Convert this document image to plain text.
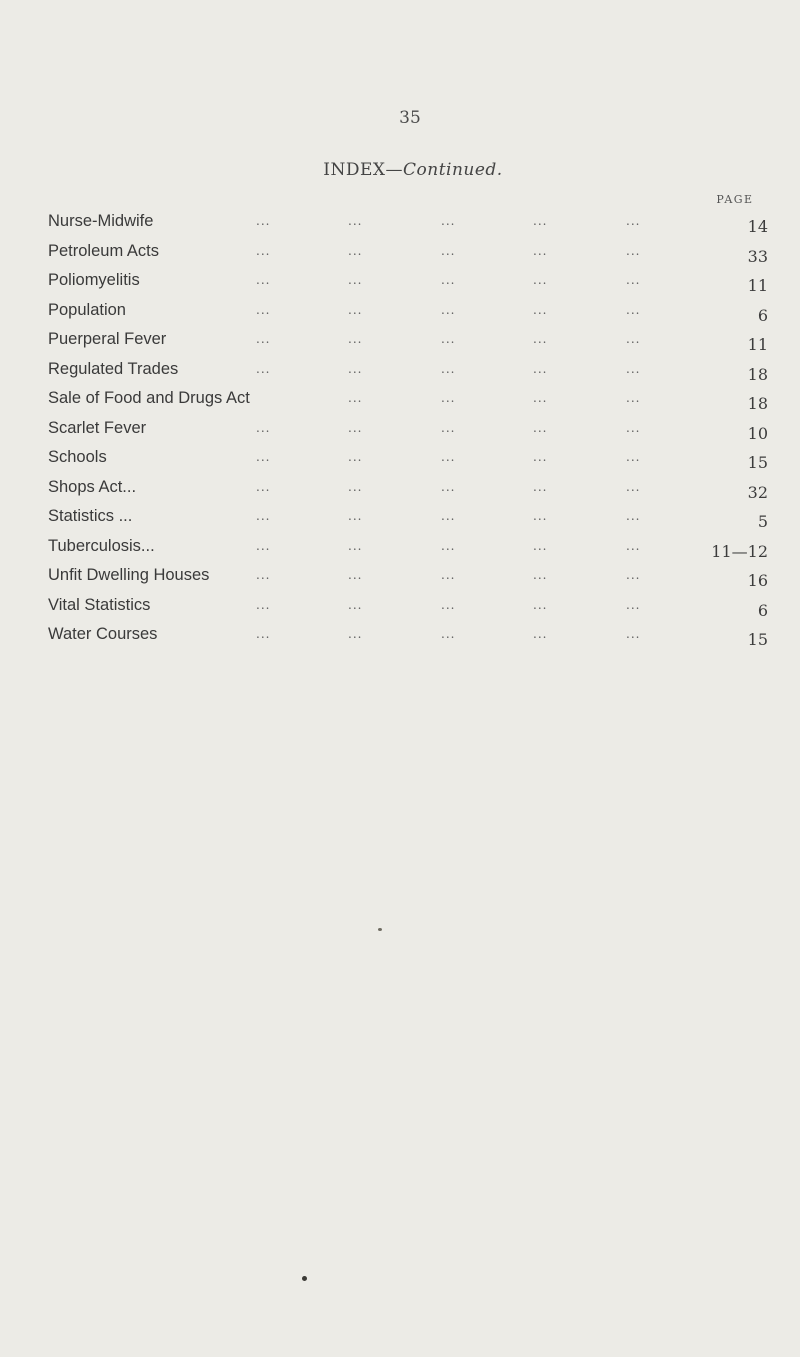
35
INDEX—Continued.
PAGE
Nurse-Midwife	...	...	...	...	...	14
Petroleum Acts	...	...	...	...	...	33
Poliomyelitis	...	...	...	...	...	11
Population	...	...	...	...	...	6
Puerperal Fever	...	...	...	...	...	11
Regulated Trades	...	...	...	...	...	18
Sale of Food and Drugs Act	...	...	...	...	18
Scarlet Fever	...	...	...	...	...	10
Schools	...	...	...	...	...	15
Shops Act...	...	...	...	...	...	32
Statistics ...	...	...	...	...	...	5
Tuberculosis...	...	...	...	...	...	11—12
Unfit Dwelling Houses	...	...	...	...	...	16
Vital Statistics	...	...	...	...	...	6
Water Courses	...	...	...	...	...	15
